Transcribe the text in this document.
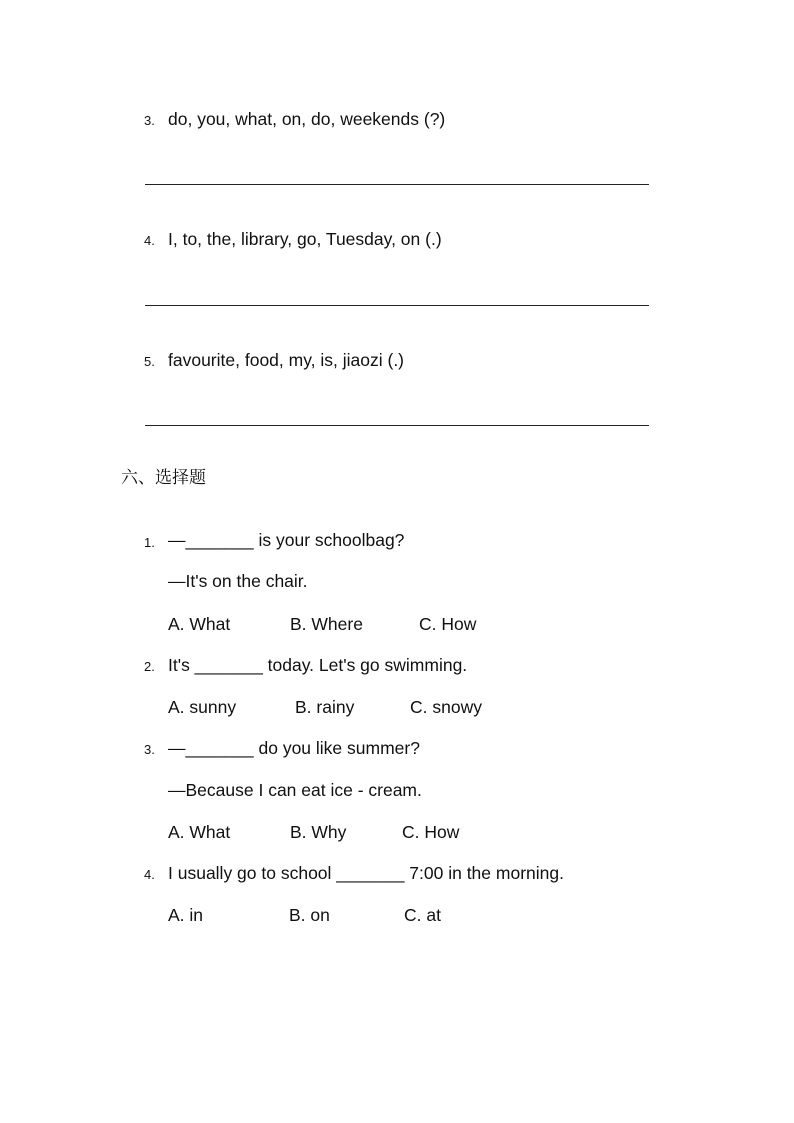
3. do, you, what, on, do, weekends (?)
4. I, to, the, library, go, Tuesday, on (.)
5. favourite, food, my, is, jiaozi (.)
六、选择题
1. —_______ is your schoolbag?
—It's on the chair.
A. What	B. Where	C. How
2. It's _______ today. Let's go swimming.
A. sunny	B. rainy	C. snowy
3. —_______ do you like summer?
—Because I can eat ice - cream.
A. What	B. Why	C. How
4. I usually go to school _______ 7:00 in the morning.
A. in	B. on	C. at
